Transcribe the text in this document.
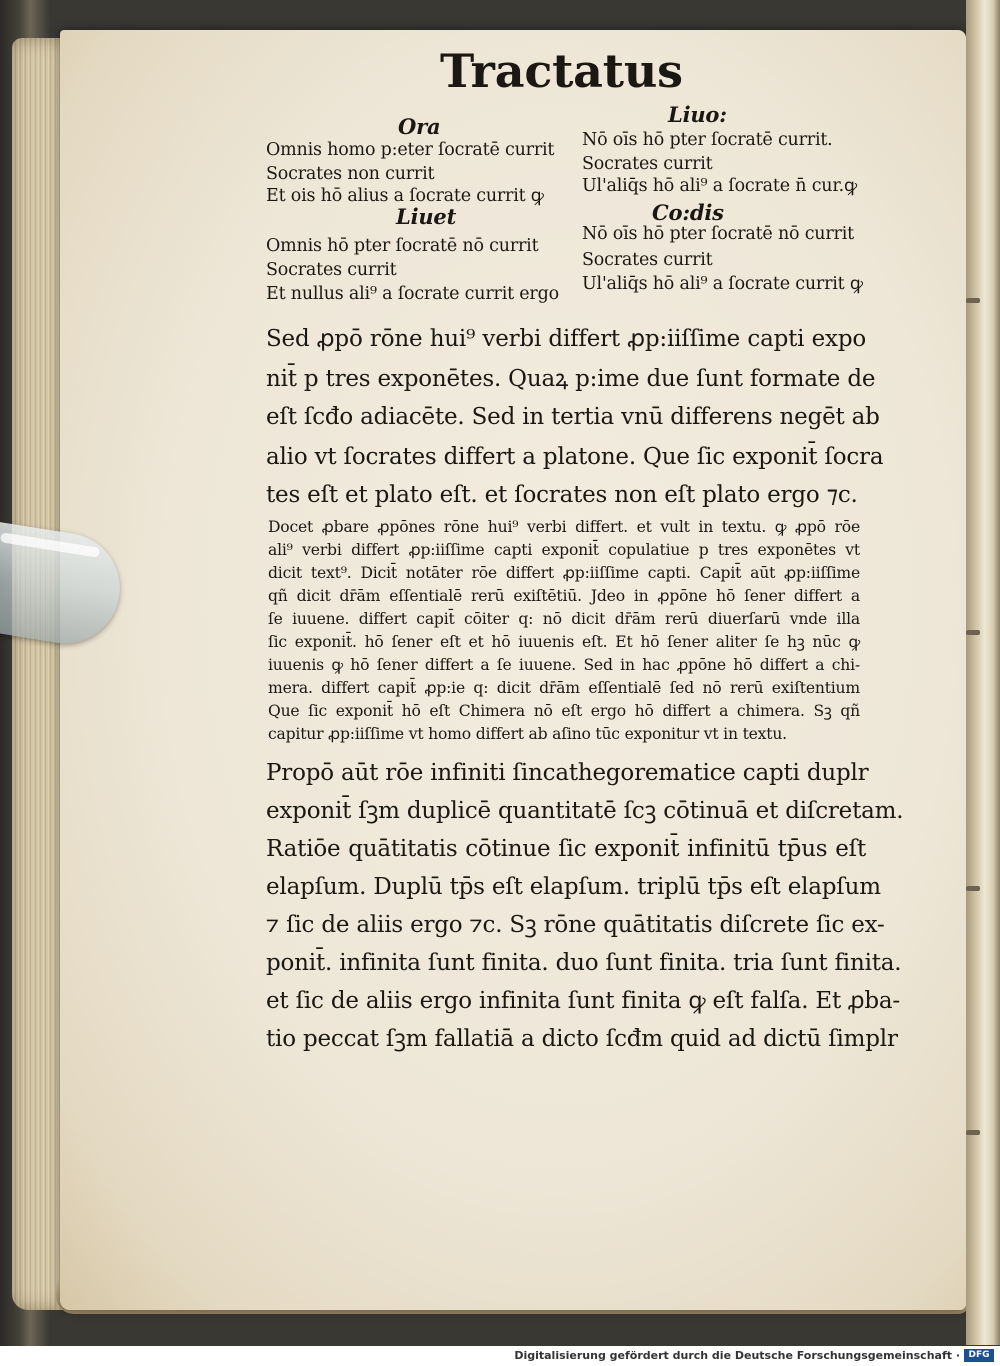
Tractatus
Ora	Liuo:
Liuet	Co:dis
Omnis homo p:eter ſocratē currit
Socrates non currit
Et ois hō alius a ſocrate currit ꝙ
Nō oīs hō pter ſocratē currit.
Socrates currit
Ul'aliq̄s hō ali⁹ a ſocrate n̄ cur.ꝙ
Omnis hō pter ſocratē nō currit
Socrates currit
Et nullus ali⁹ a ſocrate currit ergo
Nō oīs hō pter ſocratē nō currit
Socrates currit
Ul'aliq̄s hō ali⁹ a ſocrate currit ꝙ
Sed ꝓpō rōne hui⁹ verbi differt ꝓp:iiſſime capti expo
nit̄ p tres exponētes. Quaꝝ p:ime due ſunt formate de
eſt ſcđo adiacēte. Sed in tertia vnū differens negēt ab
alio vt ſocrates differt a platone. Que ſic exponit̄ ſocra
tes eſt et plato eſt. et ſocrates non eſt plato ergo ⁊c.
Docet ꝓbare ꝓpōnes rōne hui⁹ verbi differt. et vult in textu. ꝙ ꝓpō rōe
ali⁹ verbi differt ꝓp:iiſſime capti exponit̄ copulatiue p tres exponētes vt
dicit text⁹. Dicit̄ notāter rōe differt ꝓp:iiſſime capti. Capit̄ aūt ꝓp:iiſſime
qñ dicit dr̄ām eſſentialē rerū exiſtētiū. Jdeo in ꝓpōne hō ſener differt a
ſe iuuene. differt capit̄ cōiter q: nō dicit dr̄ām rerū diuerſarū vnde illa
ſic exponit̄. hō ſener eſt et hō iuuenis eſt. Et hō ſener aliter ſe hꝫ nūc ꝙ
iuuenis ꝙ hō ſener differt a ſe iuuene. Sed in hac ꝓpōne hō differt a chi-
mera. differt capit̄ ꝓp:ie q: dicit dr̄ām eſſentialē ſed nō rerū exiſtentium
Que ſic exponit̄ hō eſt Chimera nō eſt ergo hō differt a chimera. Sꝫ qñ
capitur ꝓp:iiſſime vt homo differt ab aſino tūc exponitur vt in textu.
Propō aūt rōe infiniti ſincathegorematice capti duplr
exponit̄ ſꝫm duplicē quantitatē ſcꝫ cōtinuā et diſcretam.
Ratiōe quātitatis cōtinue ſic exponit̄ infinitū tp̄us eſt
elapſum. Duplū tp̄s eſt elapſum. triplū tp̄s eſt elapſum
⁊ ſic de aliis ergo ⁊c. Sꝫ rōne quātitatis diſcrete ſic ex-
ponit̄. infinita ſunt finita. duo ſunt finita. tria ſunt finita.
et ſic de aliis ergo infinita ſunt finita ꝙ eſt falſa. Et ꝓba-
tio peccat ſꝫm fallatiā a dicto ſcđm quid ad dictū ſimplr
Digitalisierung gefördert durch die Deutsche Forschungsgemeinschaft · DFG
